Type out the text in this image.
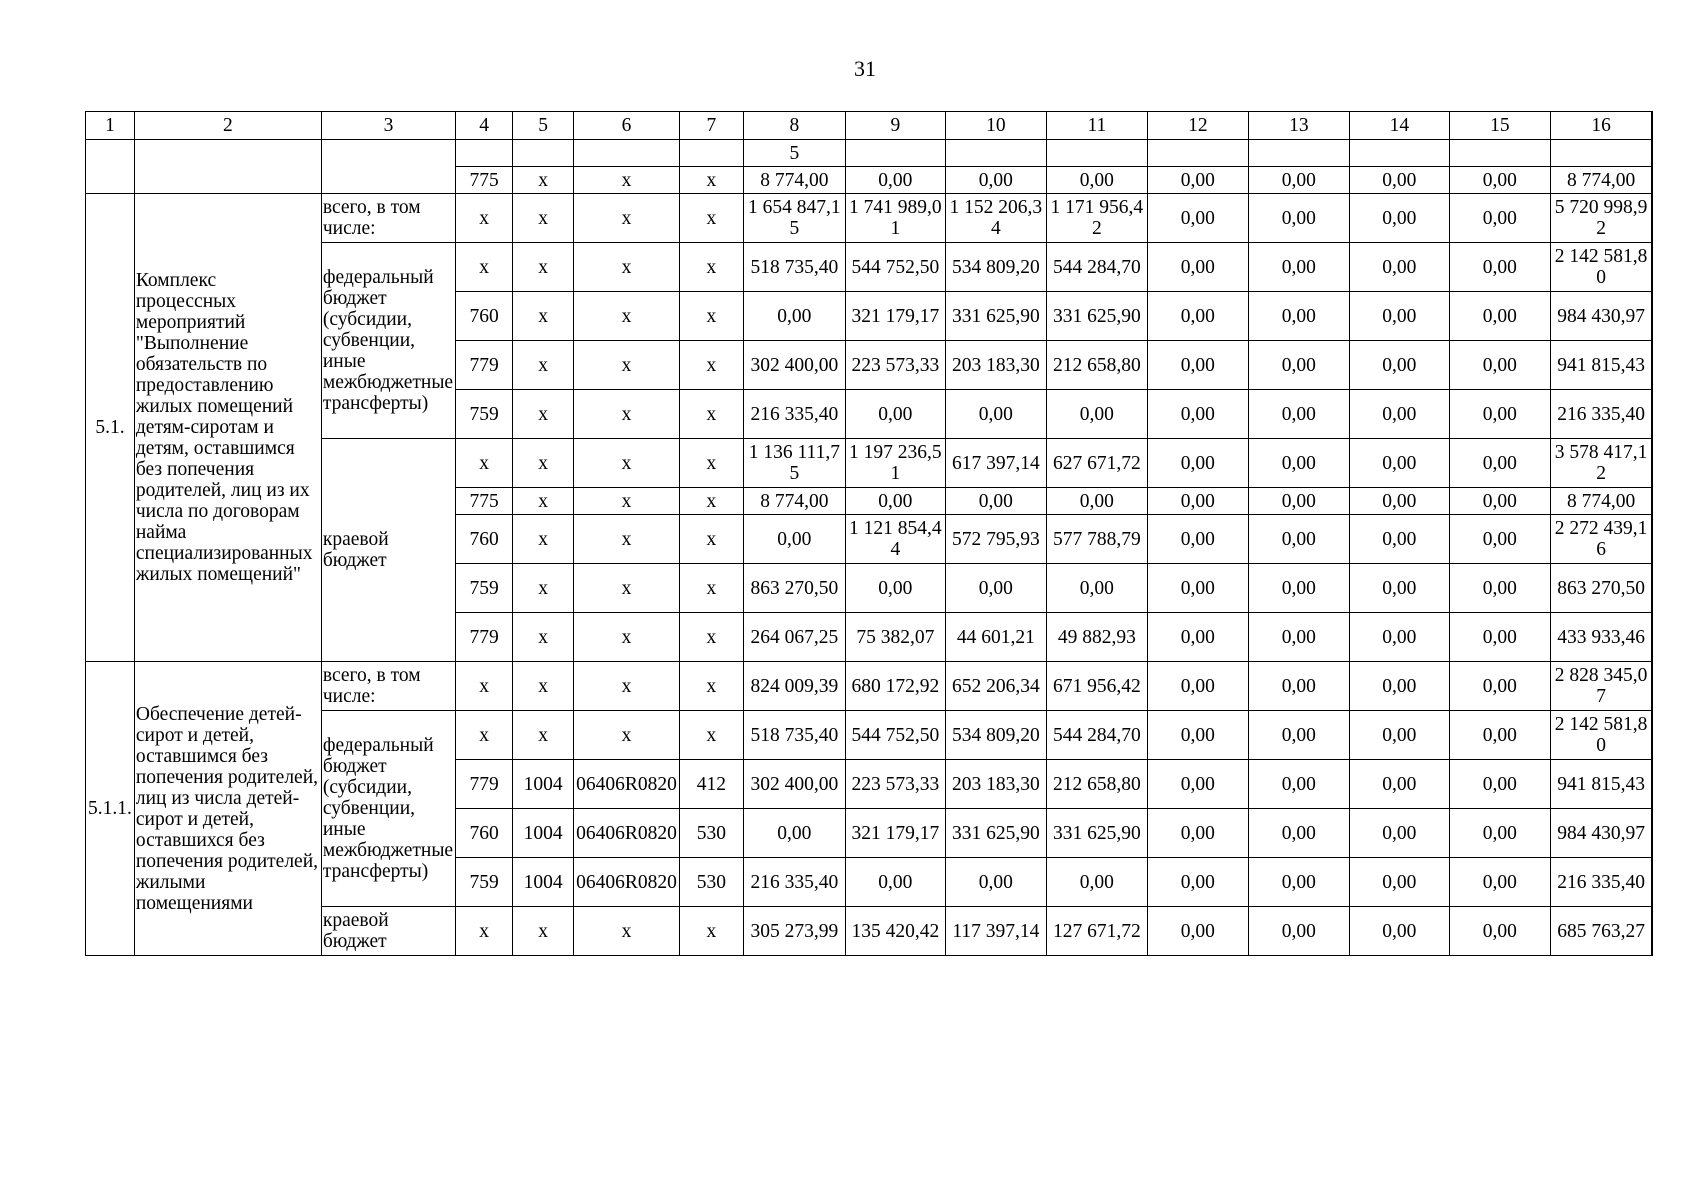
31
1	2	3	4	5	6	7	8	9	10	11	12	13	14	15	16
							5								
			775	x	x	x	8 774,00	0,00	0,00	0,00	0,00	0,00	0,00	0,00	8 774,00
5.1.	Комплекс процессных мероприятий "Выполнение обязательств по предоставлению жилых помещений детям-сиротам и детям, оставшимся без попечения родителей, лиц из их числа по договорам найма специализированных жилых помещений"	всего, в том числе:	x	x	x	x	1 654 847,15	1 741 989,01	1 152 206,34	1 171 956,42	0,00	0,00	0,00	0,00	5 720 998,92
		федеральный бюджет (субсидии, субвенции, иные межбюджетные трансферты)	x	x	x	x	518 735,40	544 752,50	534 809,20	544 284,70	0,00	0,00	0,00	0,00	2 142 581,80
			760	x	x	x	0,00	321 179,17	331 625,90	331 625,90	0,00	0,00	0,00	0,00	984 430,97
			779	x	x	x	302 400,00	223 573,33	203 183,30	212 658,80	0,00	0,00	0,00	0,00	941 815,43
			759	x	x	x	216 335,40	0,00	0,00	0,00	0,00	0,00	0,00	0,00	216 335,40
		краевой бюджет	x	x	x	x	1 136 111,75	1 197 236,51	617 397,14	627 671,72	0,00	0,00	0,00	0,00	3 578 417,12
			775	x	x	x	8 774,00	0,00	0,00	0,00	0,00	0,00	0,00	0,00	8 774,00
			760	x	x	x	0,00	1 121 854,44	572 795,93	577 788,79	0,00	0,00	0,00	0,00	2 272 439,16
			759	x	x	x	863 270,50	0,00	0,00	0,00	0,00	0,00	0,00	0,00	863 270,50
			779	x	x	x	264 067,25	75 382,07	44 601,21	49 882,93	0,00	0,00	0,00	0,00	433 933,46
5.1.1.	Обеспечение детей-сирот и детей, оставшимся без попечения родителей, лиц из числа детей-сирот и детей, оставшихся без попечения родителей, жилыми помещениями	всего, в том числе:	x	x	x	x	824 009,39	680 172,92	652 206,34	671 956,42	0,00	0,00	0,00	0,00	2 828 345,07
		федеральный бюджет (субсидии, субвенции, иные межбюджетные трансферты)	x	x	x	x	518 735,40	544 752,50	534 809,20	544 284,70	0,00	0,00	0,00	0,00	2 142 581,80
			779	1004	06406R0820	412	302 400,00	223 573,33	203 183,30	212 658,80	0,00	0,00	0,00	0,00	941 815,43
			760	1004	06406R0820	530	0,00	321 179,17	331 625,90	331 625,90	0,00	0,00	0,00	0,00	984 430,97
			759	1004	06406R0820	530	216 335,40	0,00	0,00	0,00	0,00	0,00	0,00	0,00	216 335,40
		краевой бюджет	x	x	x	x	305 273,99	135 420,42	117 397,14	127 671,72	0,00	0,00	0,00	0,00	685 763,27
